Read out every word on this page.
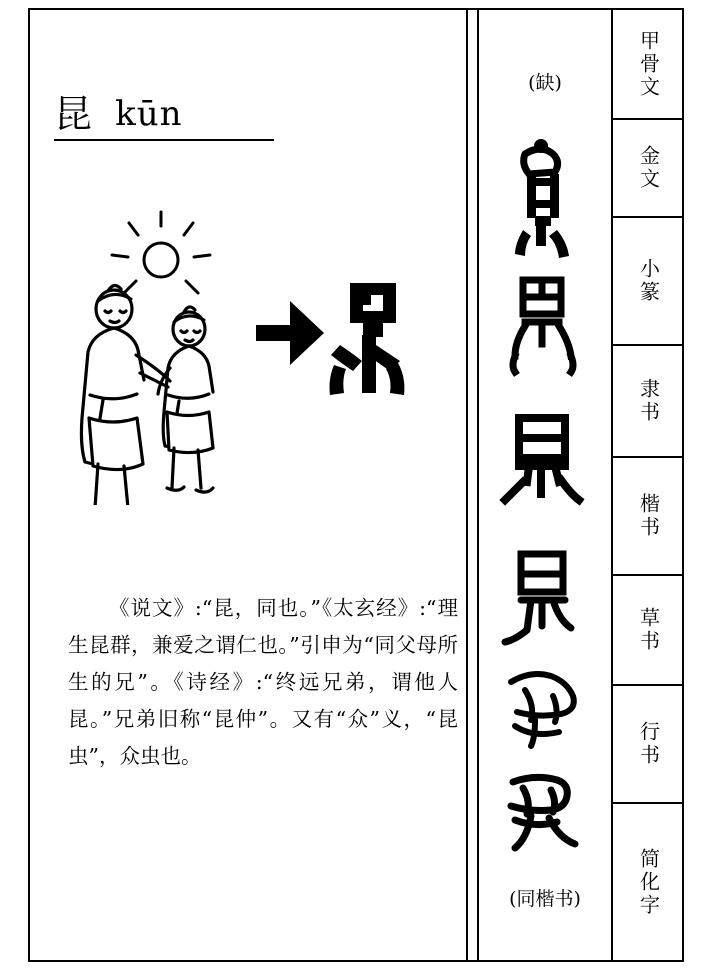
昆 kūn
《说文》:“昆，同也。”《太玄经》:“理生昆群，兼爱之谓仁也。”引申为“同父母所生的兄”。《诗经》:“终远兄弟，谓他人昆。”兄弟旧称“昆仲”。又有“众”义，“昆虫”，众虫也。
(缺)
(同楷书)
甲骨文
金文
小篆
隶书
楷书
草书
行书
简化字
